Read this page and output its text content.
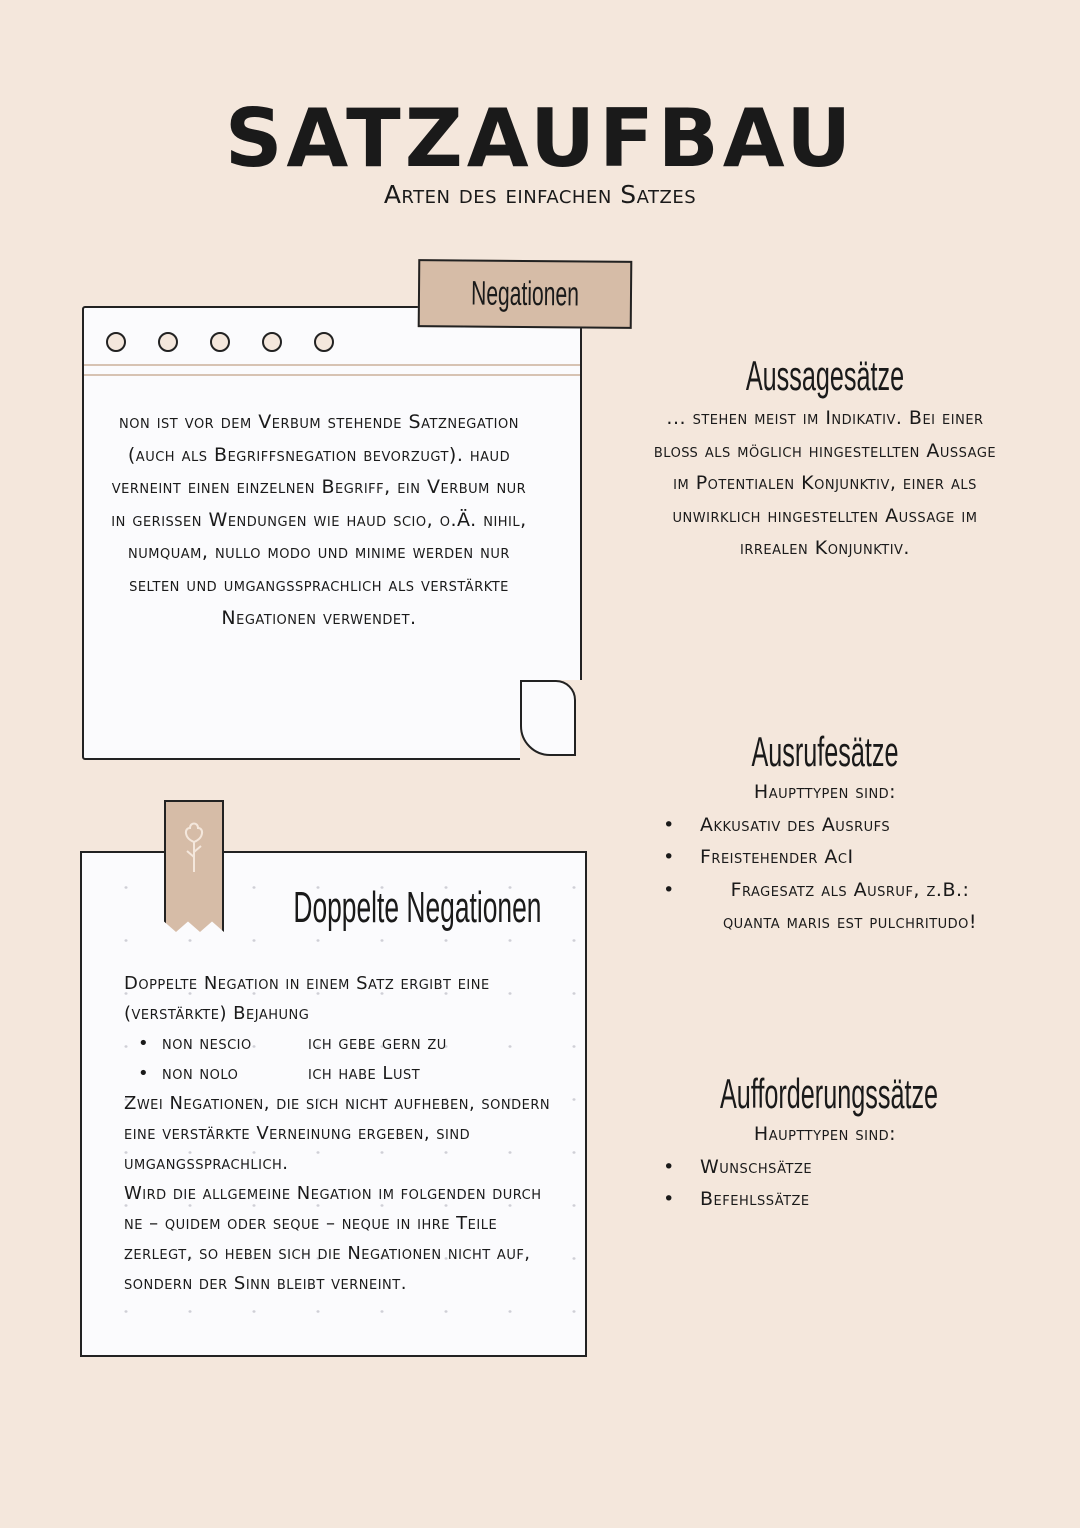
SATZAUFBAU
Arten des einfachen Satzes
non ist vor dem Verbum stehende Satznegation (auch als Begriffsnegation bevorzugt). haud verneint einen einzelnen Begriff, ein Verbum nur in gerissen Wendungen wie haud scio, o.Ä. nihil, numquam, nullo modo und minime werden nur selten und umgangssprachlich als verstärkte Negationen verwendet.
Negationen
Doppelte Negationen

Doppelte Negation in einem Satz ergibt eine (verstärkte) Bejahung

• non nescio	ich gebe gern zu
• non nolo	ich habe Lust

Zwei Negationen, die sich nicht aufheben, sondern eine verstärkte Verneinung ergeben, sind umgangssprachlich.

Wird die allgemeine Negation im folgenden durch ne – quidem oder seque – neque in ihre Teile zerlegt, so heben sich die Negationen nicht auf, sondern der Sinn bleibt verneint.

Aussagesätze
... stehen meist im Indikativ. Bei einer bloß als möglich hingestellten Aussage im Potentialen Konjunktiv, einer als unwirklich hingestellten Aussage im irrealen Konjunktiv.
Ausrufesätze
Haupttypen sind:
•	Akkusativ des Ausrufs
•	Freistehender AcI
•	Fragesatz als Ausruf, z.B.: quanta maris est pulchritudo!
Aufforderungssätze
Haupttypen sind:
•	Wunschsätze
•	Befehlssätze
